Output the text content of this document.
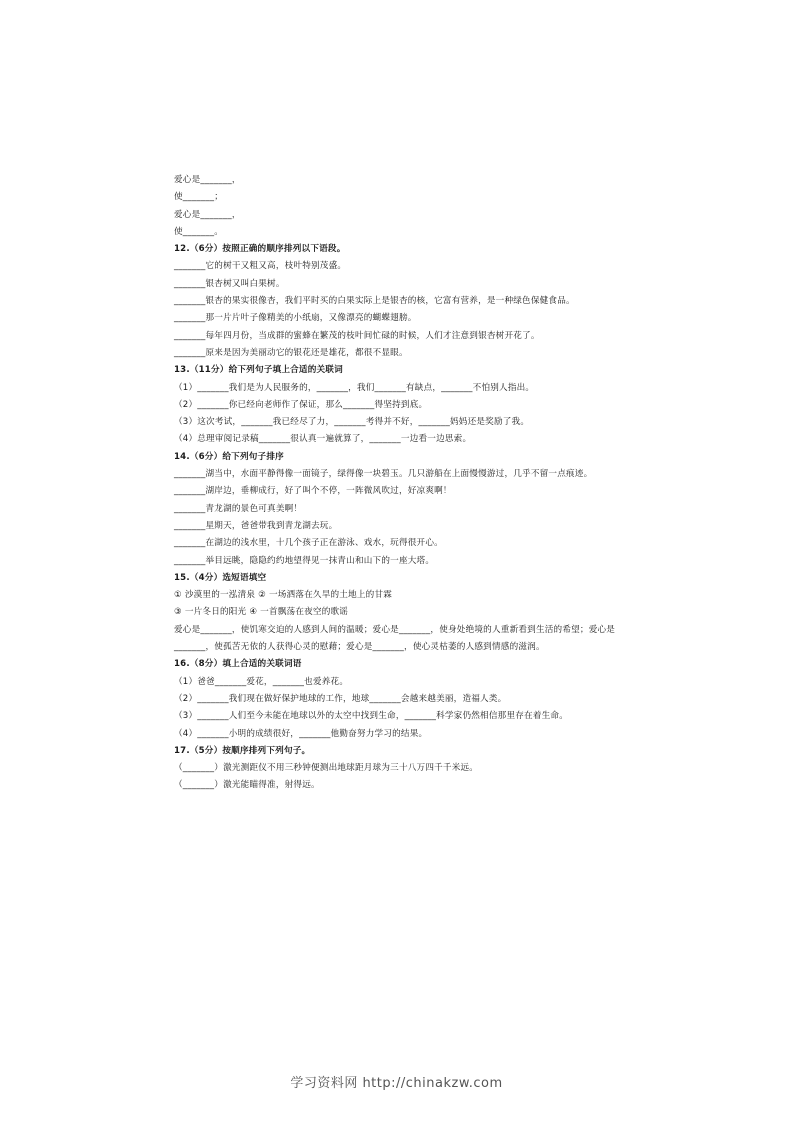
爱心是_______，
使_______；
爱心是_______，
使_______。
12.（6分）按照正确的顺序排列以下语段。
_______它的树干又粗又高，枝叶特别茂盛。
_______银杏树又叫白果树。
_______银杏的果实很像杏，我们平时买的白果实际上是银杏的核，它富有营养，是一种绿色保健食品。
_______那一片片叶子像精美的小纸扇，又像漂亮的蝴蝶翅膀。
_______每年四月份，当成群的蜜蜂在繁茂的枝叶间忙碌的时候，人们才注意到银杏树开花了。
_______原来是因为美丽动它的银花还是雄花，都很不显眼。
13.（11分）给下列句子填上合适的关联词
（1）_______我们是为人民服务的，_______，我们_______有缺点，_______不怕别人指出。
（2）_______你已经向老师作了保证，那么_______得坚持到底。
（3）这次考试，_______我已经尽了力，_______考得并不好，_______妈妈还是奖励了我。
（4）总理审阅记录稿_______很认真一遍就算了，_______一边看一边思索。
14.（6分）给下列句子排序
_______湖当中，水面平静得像一面镜子，绿得像一块碧玉。几只游船在上面慢慢游过，几乎不留一点痕迹。
_______湖岸边，垂柳成行，好了叫个不停，一阵微风吹过，好凉爽啊！
_______青龙湖的景色可真美啊！
_______星期天，爸爸带我到青龙湖去玩。
_______在湖边的浅水里，十几个孩子正在游泳、戏水，玩得很开心。
_______举目远眺，隐隐约约地望得见一抹青山和山下的一座大塔。
15.（4分）选短语填空
① 沙漠里的一泓清泉 ② 一场洒落在久旱的土地上的甘霖
③ 一片冬日的阳光 ④ 一首飘荡在夜空的歌谣
爱心是_______，使饥寒交迫的人感到人间的温暖；爱心是_______，使身处绝境的人重新看到生活的希望；爱心是_______，使孤苦无依的人获得心灵的慰藉；爱心是_______，使心灵枯萎的人感到情感的滋润。
16.（8分）填上合适的关联词语
（1）爸爸_______爱花，_______也爱养花。
（2）_______我们现在做好保护地球的工作，地球_______会越来越美丽，造福人类。
（3）_______人们至今未能在地球以外的太空中找到生命，_______科学家仍然相信那里存在着生命。
（4）_______小明的成绩很好，_______他勤奋努力学习的结果。
17.（5分）按顺序排列下列句子。
（_______）激光测距仪不用三秒钟便测出地球距月球为三十八万四千千米远。
（_______）激光能瞄得准，射得远。
学习资料网 http://chinakzw.com
